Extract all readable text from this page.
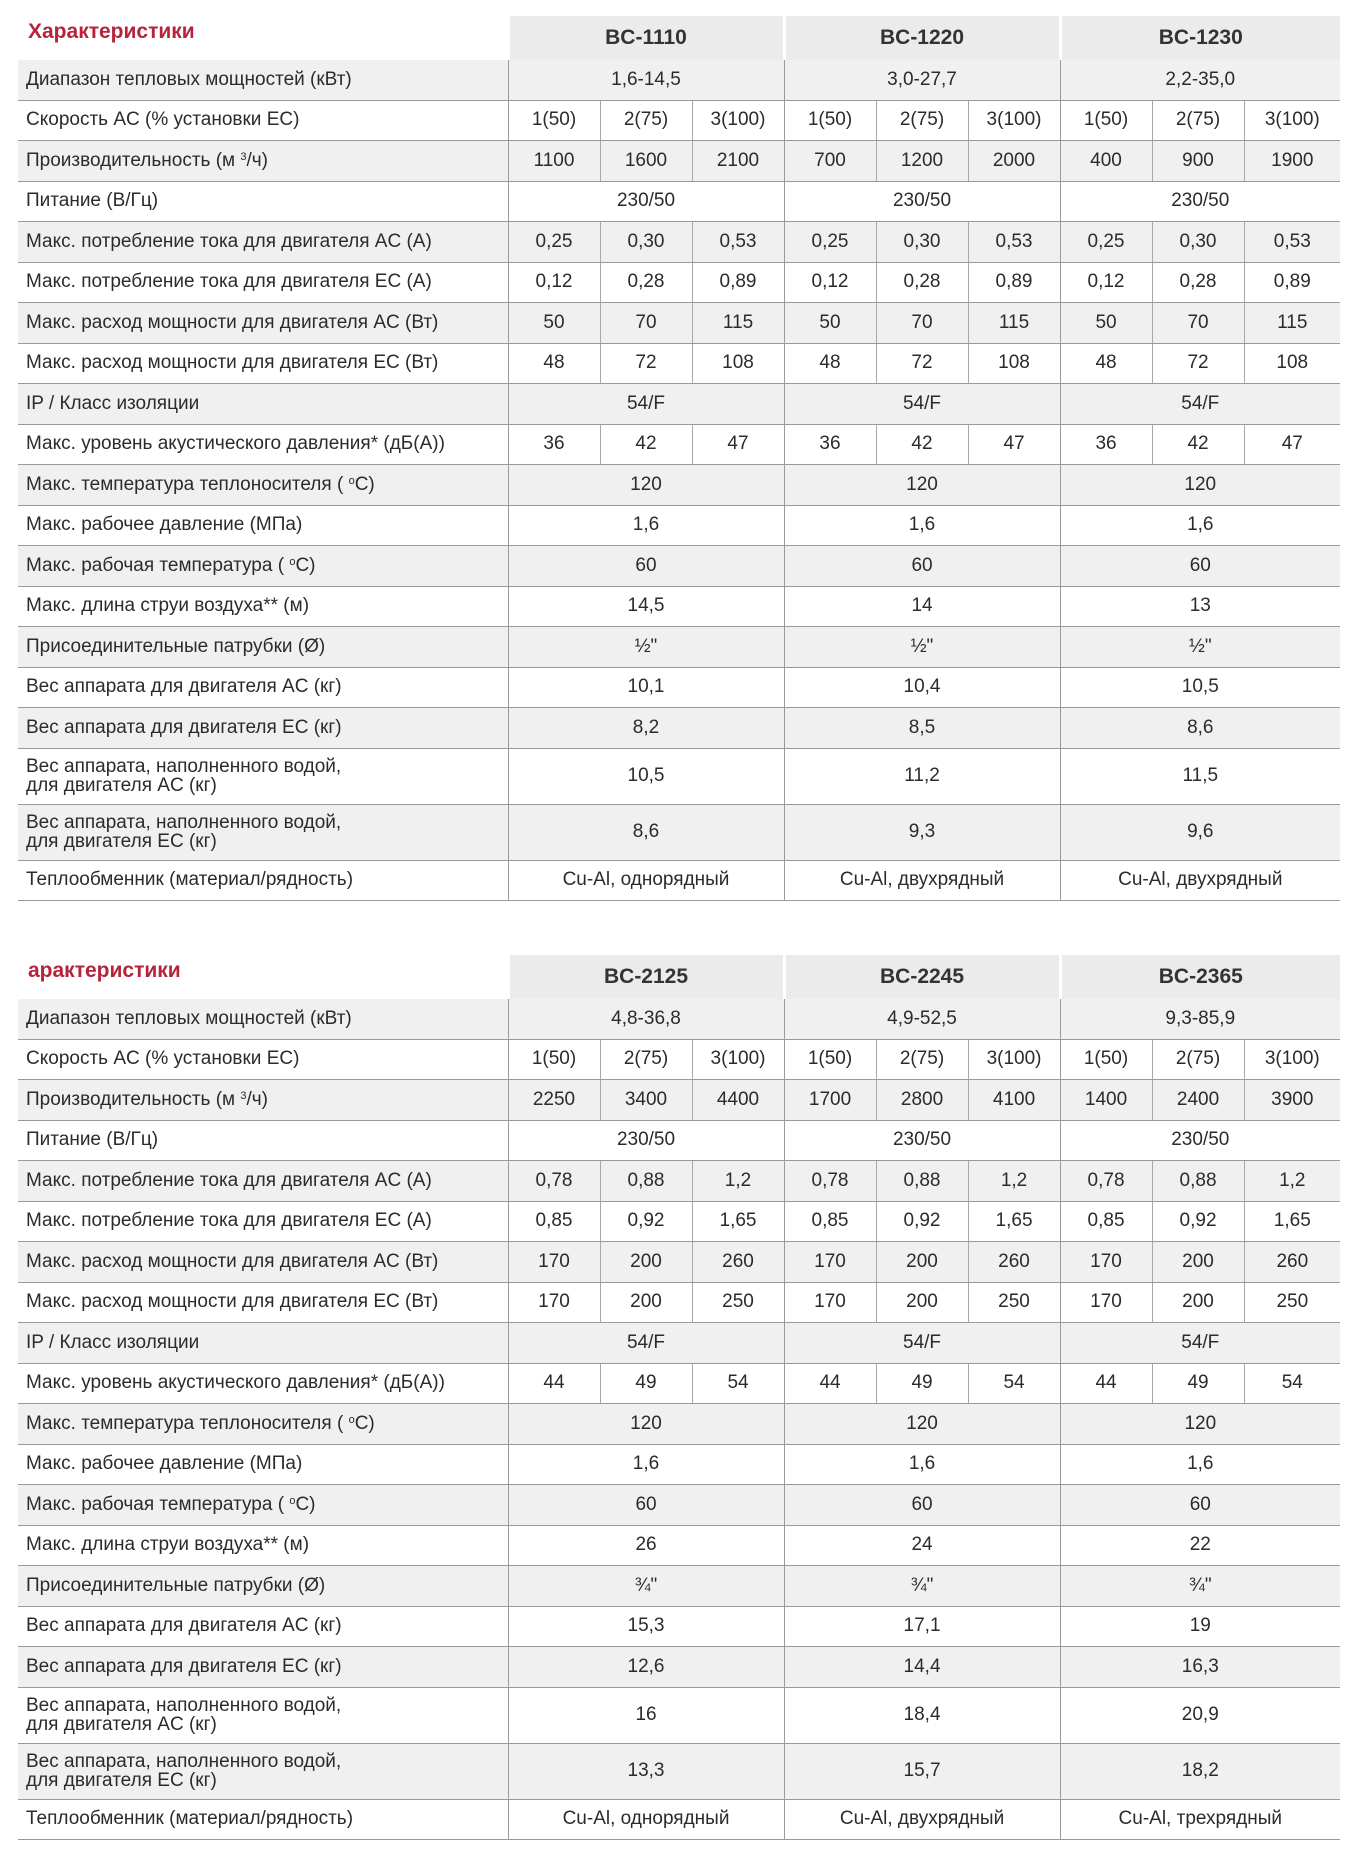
Характеристики	BC-1110			BC-1220			BC-1230		
Диапазон тепловых мощностей (кВт)	1,6-14,5			3,0-27,7			2,2-35,0		
Скорость AC (% установки EC)	1(50)	2(75)	3(100)	1(50)	2(75)	3(100)	1(50)	2(75)	3(100)
Производительность (м $^3$/ч)	1100	1600	2100	700	1200	2000	400	900	1900
Питание (В/Гц)	230/50			230/50			230/50		
Макс. потребление тока для двигателя AC (A)	0,25	0,30	0,53	0,25	0,30	0,53	0,25	0,30	0,53
Макс. потребление тока для двигателя EC (A)	0,12	0,28	0,89	0,12	0,28	0,89	0,12	0,28	0,89
Макс. расход мощности для двигателя AC (Вт)	50	70	115	50	70	115	50	70	115
Макс. расход мощности для двигателя EC (Вт)	48	72	108	48	72	108	48	72	108
IP / Класс изоляции	54/F			54/F			54/F		
Макс. уровень акустического давления* (дБ(A))	36	42	47	36	42	47	36	42	47
Макс. температура теплоносителя ( $^o$C)	120			120			120		
Макс. рабочее давление (МПа)	1,6			1,6			1,6		
Макс. рабочая температура ( $^o$C)	60			60			60		
Макс. длина струи воздуха** (м)	14,5			14			13		
Присоединительные патрубки (Ø)	½"			½"			½"		
Вес аппарата для двигателя AC (кг)	10,1			10,4			10,5		
Вес аппарата для двигателя EC (кг)	8,2			8,5			8,6		
Вес аппарата, наполненного водой,
для двигателя AC (кг)	10,5			11,2			11,5		
Вес аппарата, наполненного водой,
для двигателя EC (кг)	8,6			9,3			9,6		
Теплообменник (материал/рядность)	Cu-Al, однорядный			Cu-Al, двухрядный			Cu-Al, двухрядный		
арактеристики	BC-2125			BC-2245			BC-2365		
Диапазон тепловых мощностей (кВт)	4,8-36,8			4,9-52,5			9,3-85,9		
Скорость AC (% установки EC)	1(50)	2(75)	3(100)	1(50)	2(75)	3(100)	1(50)	2(75)	3(100)
Производительность (м $^3$/ч)	2250	3400	4400	1700	2800	4100	1400	2400	3900
Питание (В/Гц)	230/50			230/50			230/50		
Макс. потребление тока для двигателя AC (A)	0,78	0,88	1,2	0,78	0,88	1,2	0,78	0,88	1,2
Макс. потребление тока для двигателя EC (A)	0,85	0,92	1,65	0,85	0,92	1,65	0,85	0,92	1,65
Макс. расход мощности для двигателя AC (Вт)	170	200	260	170	200	260	170	200	260
Макс. расход мощности для двигателя EC (Вт)	170	200	250	170	200	250	170	200	250
IP / Класс изоляции	54/F			54/F			54/F		
Макс. уровень акустического давления* (дБ(A))	44	49	54	44	49	54	44	49	54
Макс. температура теплоносителя ( $^o$C)	120			120			120		
Макс. рабочее давление (МПа)	1,6			1,6			1,6		
Макс. рабочая температура ( $^o$C)	60			60			60		
Макс. длина струи воздуха** (м)	26			24			22		
Присоединительные патрубки (Ø)	¾"			¾"			¾"		
Вес аппарата для двигателя AC (кг)	15,3			17,1			19		
Вес аппарата для двигателя EC (кг)	12,6			14,4			16,3		
Вес аппарата, наполненного водой,
для двигателя AC (кг)	16			18,4			20,9		
Вес аппарата, наполненного водой,
для двигателя EC (кг)	13,3			15,7			18,2		
Теплообменник (материал/рядность)	Cu-Al, однорядный			Cu-Al, двухрядный			Cu-Al, трехрядный		
